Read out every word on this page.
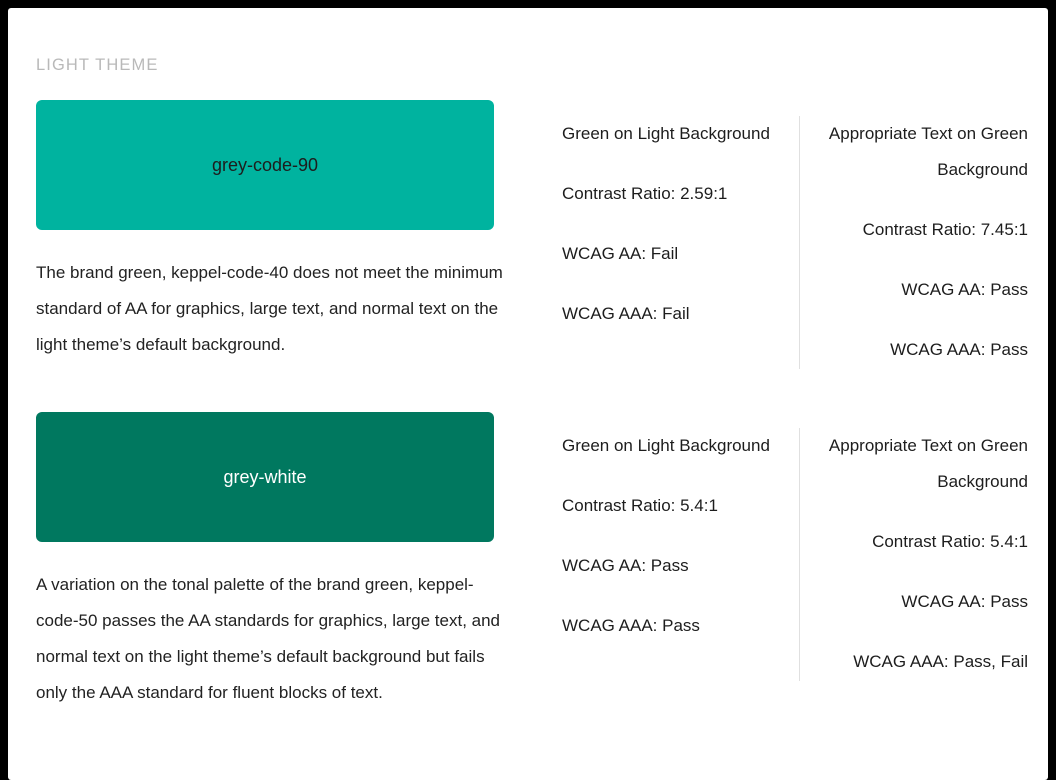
LIGHT THEME
grey-code-90
The brand green, keppel-code-40 does not meet the minimum standard of AA for graphics, large text, and normal text on the light theme’s default background.

Green on Light Background

Contrast Ratio: 2.59:1

WCAG AA: Fail

WCAG AAA: Fail

Appropriate Text on Green Background

Contrast Ratio: 7.45:1

WCAG AA: Pass

WCAG AAA: Pass

grey-white
A variation on the tonal palette of the brand green, keppel-code-50 passes the AA standards for graphics, large text, and normal text on the light theme’s default background but fails only the AAA standard for fluent blocks of text.

Green on Light Background

Contrast Ratio: 5.4:1

WCAG AA: Pass

WCAG AAA: Pass

Appropriate Text on Green Background

Contrast Ratio: 5.4:1

WCAG AA: Pass

WCAG AAA: Pass, Fail
